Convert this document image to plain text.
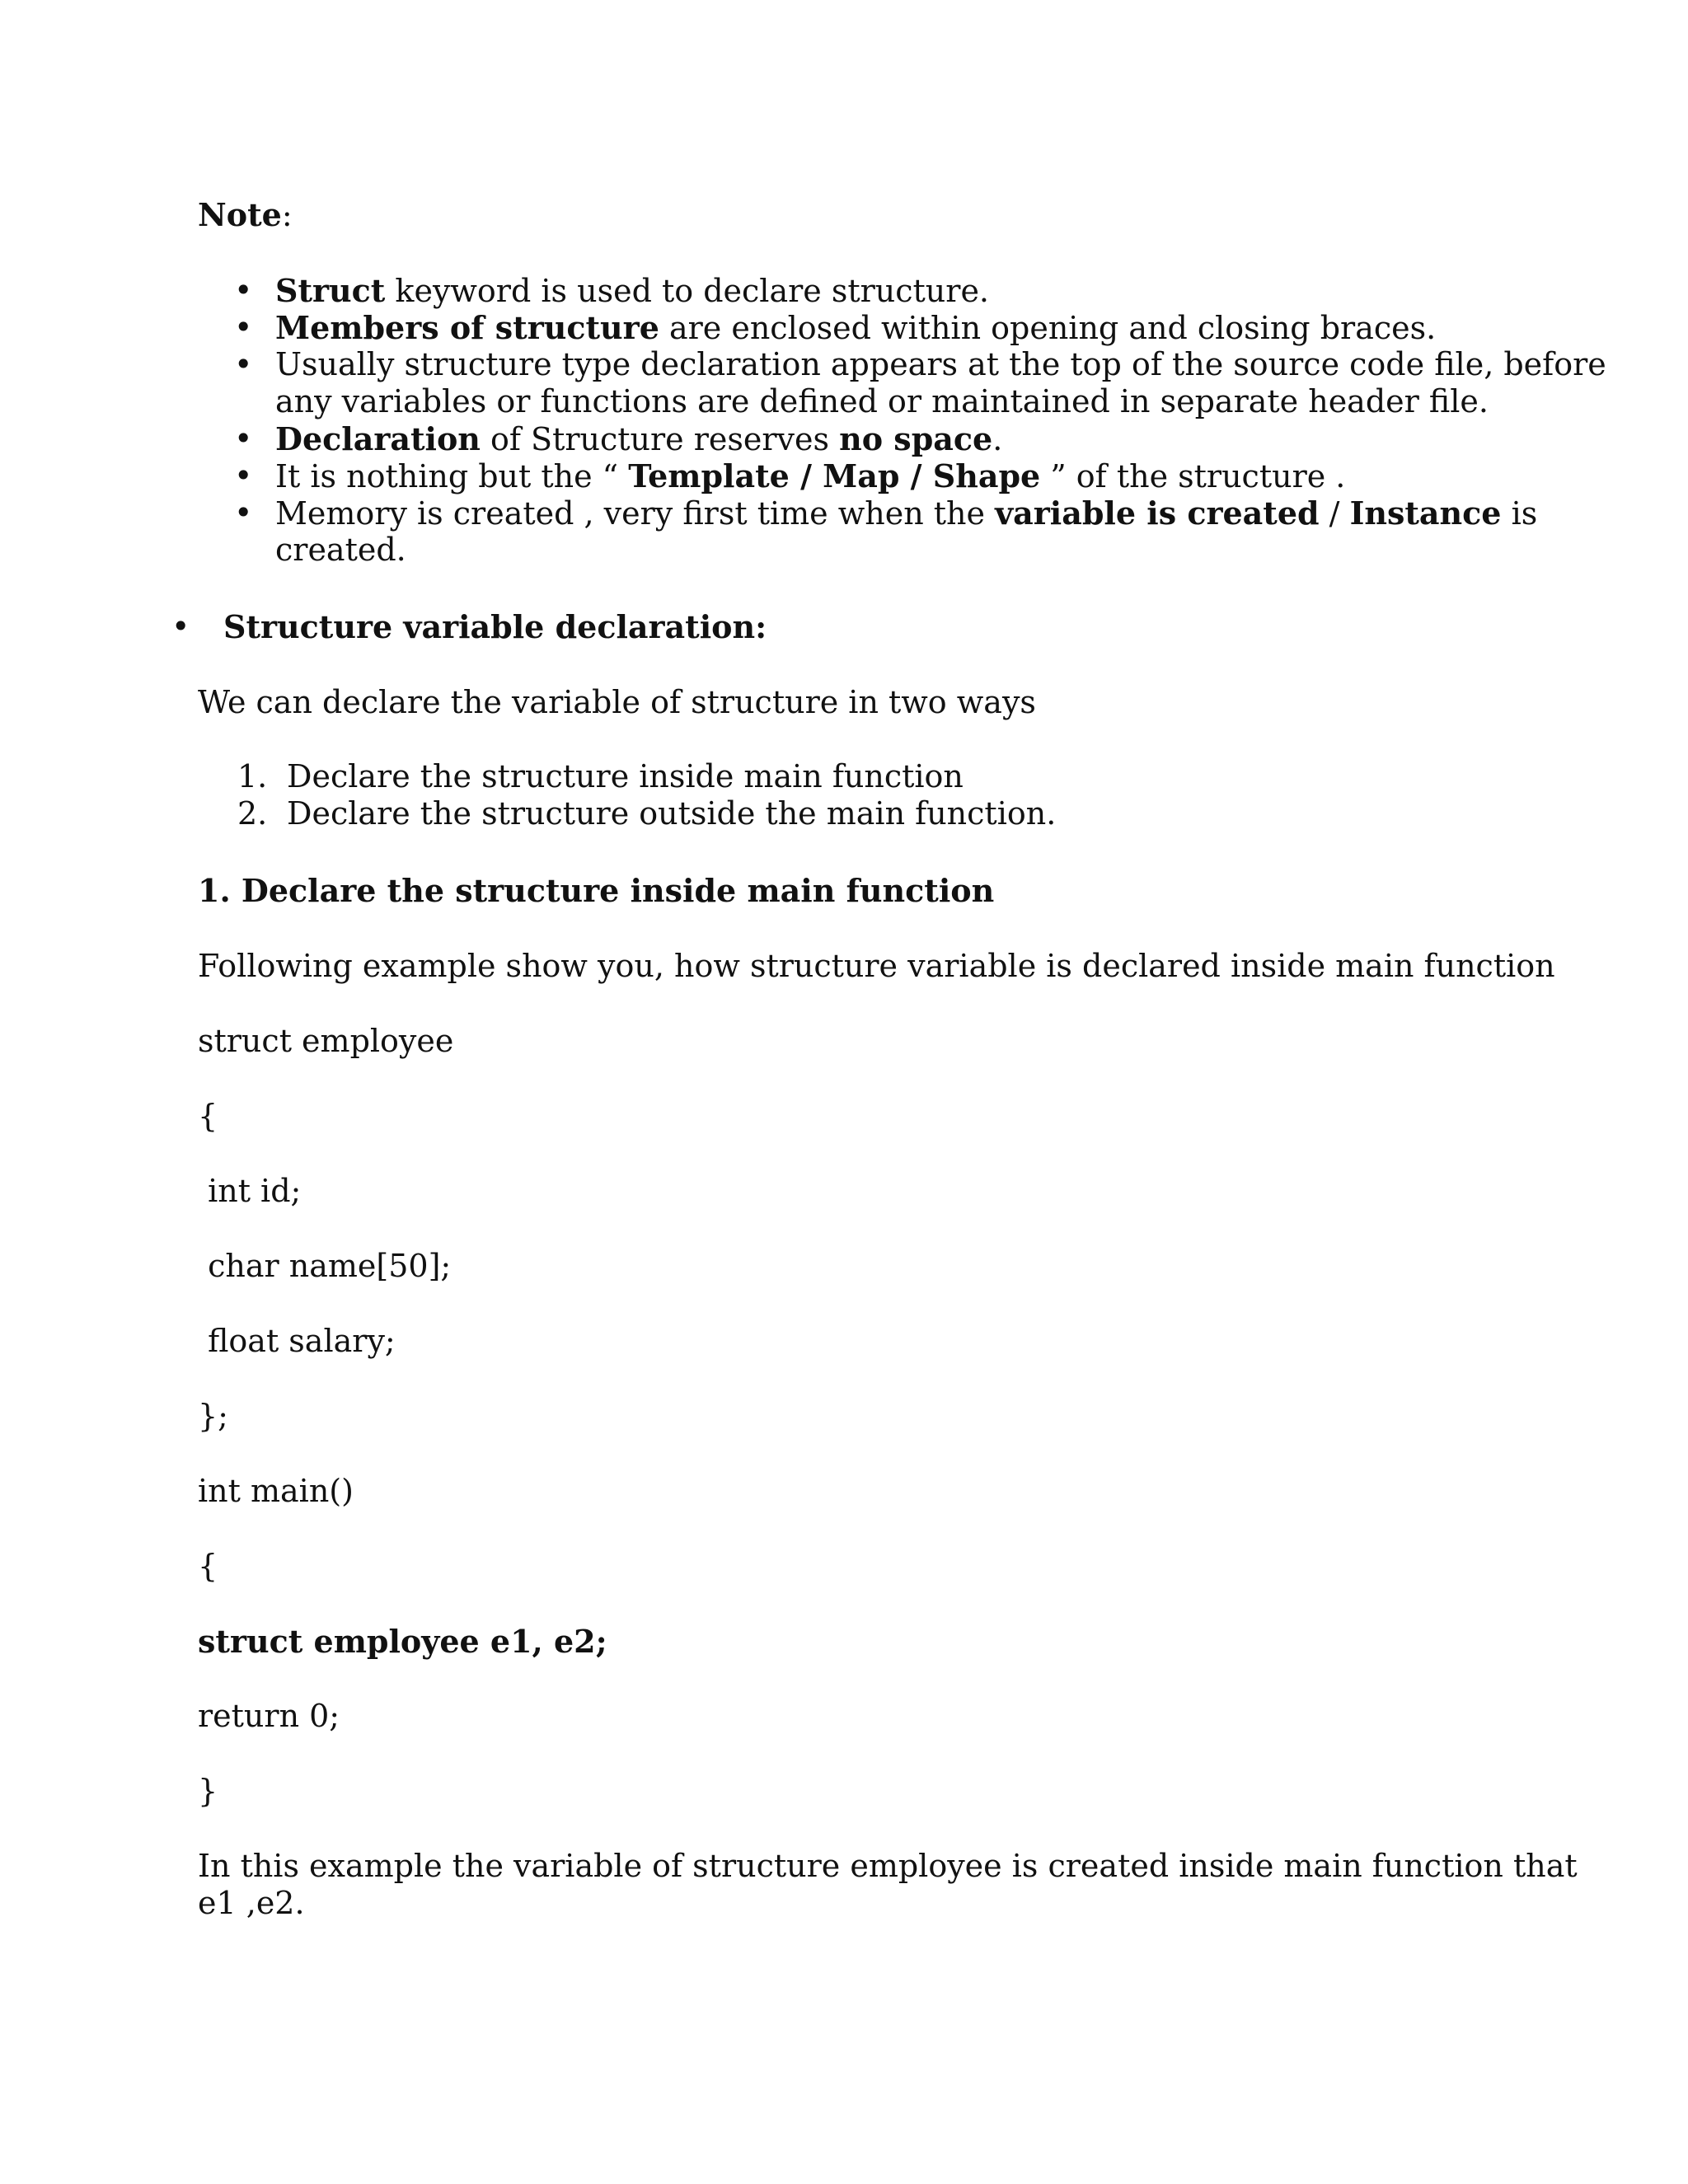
Note:
• Struct keyword is used to declare structure.
• Members of structure are enclosed within opening and closing braces.
• Usually structure type declaration appears at the top of the source code file, before
any variables or functions are defined or maintained in separate header file.
• Declaration of Structure reserves no space.
• It is nothing but the “ Template / Map / Shape ” of the structure .
• Memory is created , very first time when the variable is created / Instance is
created.
• Structure variable declaration:
We can declare the variable of structure in two ways
1. Declare the structure inside main function
2. Declare the structure outside the main function.
1. Declare the structure inside main function
Following example show you, how structure variable is declared inside main function
struct employee
{
int id;
char name[50];
float salary;
};
int main()
{
struct employee e1, e2;
return 0;
}
In this example the variable of structure employee is created inside main function that
e1 ,e2.
